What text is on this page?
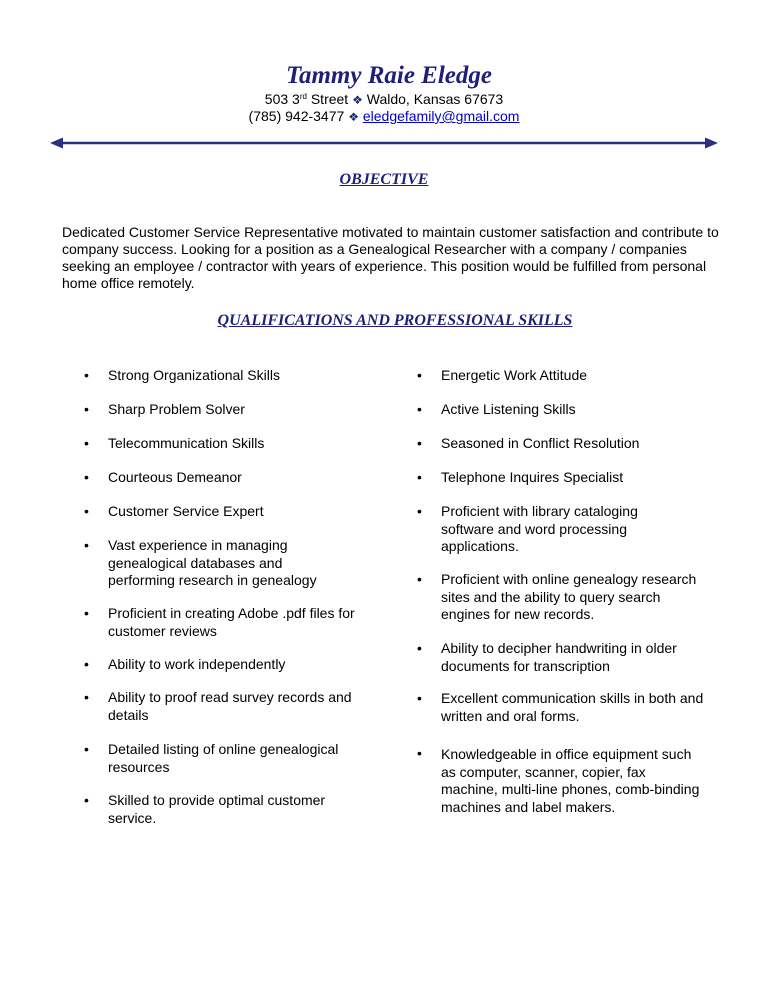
Tammy Raie Eledge
503 3rd Street ❖ Waldo, Kansas 67673
(785) 942-3477 ❖ eledgefamily@gmail.com
OBJECTIVE

Dedicated Customer Service Representative motivated to maintain customer satisfaction and contribute to company success. Looking for a position as a Genealogical Researcher with a company / companies seeking an employee / contractor with years of experience. This position would be fulfilled from personal home office remotely.

QUALIFICATIONS AND PROFESSIONAL SKILLS
• Strong Organizational Skills
• Sharp Problem Solver
• Telecommunication Skills
• Courteous Demeanor
• Customer Service Expert
• Vast experience in managing genealogical databases and performing research in genealogy
• Proficient in creating Adobe .pdf files for customer reviews
• Ability to work independently
• Ability to proof read survey records and details
• Detailed listing of online genealogical resources
• Skilled to provide optimal customer service.
• Energetic Work Attitude
• Active Listening Skills
• Seasoned in Conflict Resolution
• Telephone Inquires Specialist
• Proficient with library cataloging software and word processing applications.
• Proficient with online genealogy research sites and the ability to query search engines for new records.
• Ability to decipher handwriting in older documents for transcription
• Excellent communication skills in both and written and oral forms.
• Knowledgeable in office equipment such as computer, scanner, copier, fax machine, multi-line phones, comb-binding machines and label makers.
